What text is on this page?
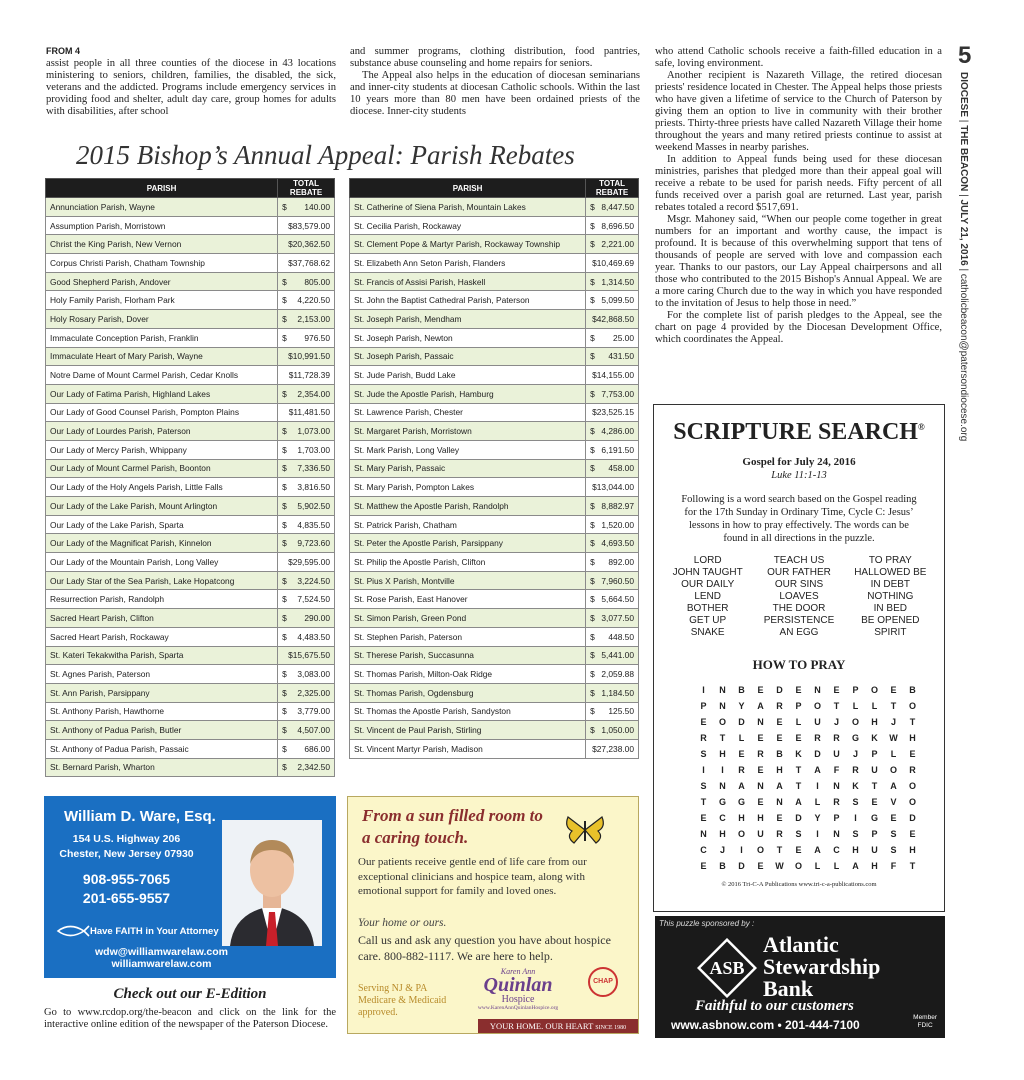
FROM 4

assist people in all three counties of the diocese in 43 locations ministering to seniors, children, families, the disabled, the sick, veterans and the addicted. Programs include emergency services in providing food and shelter, adult day care, group homes for adults with disabilities, after school

and summer programs, clothing distribution, food pantries, substance abuse counseling and home repairs for seniors.

The Appeal also helps in the education of diocesan seminarians and inner-city students at diocesan Catholic schools. Within the last 10 years more than 80 men have been ordained priests of the diocese. Inner-city students

who attend Catholic schools receive a faith-filled education in a safe, loving environment.

Another recipient is Nazareth Village, the retired diocesan priests' residence located in Chester. The Appeal helps those priests who have given a lifetime of service to the Church of Paterson by giving them an option to live in community with their brother priests. Thirty-three priests have called Nazareth Village their home throughout the years and many retired priests continue to assist at weekend Masses in nearby parishes.

In addition to Appeal funds being used for these diocesan ministries, parishes that pledged more than their appeal goal will receive a rebate to be used for parish needs. Fifty percent of all funds received over a parish goal are returned. Last year, parish rebates totaled a record $517,691.

Msgr. Mahoney said, “When our people come together in great numbers for an important and worthy cause, the impact is profound. It is because of this overwhelming support that tens of thousands of people are served with love and compassion each year. Thanks to our pastors, our Lay Appeal chairpersons and all those who contributed to the 2015 Bishop's Annual Appeal. We are a more caring Church due to the way in which you have responded to the invitation of Jesus to help those in need.”

For the complete list of parish pledges to the Appeal, see the chart on page 4 provided by the Diocesan Development Office, which coordinates the Appeal.

5
DIOCESE | THE BEACON | JULY 21, 2016 | catholicbeacon@patersondiocese.org
2015 Bishop’s Annual Appeal: Parish Rebates
PARISH	TOTAL REBATE
Annunciation Parish, Wayne	$ 140.00

Assumption Parish, Morristown	$83,579.00

Christ the King Parish, New Vernon	$20,362.50

Corpus Christi Parish, Chatham Township	$37,768.62

Good Shepherd Parish, Andover	$ 805.00

Holy Family Parish, Florham Park	$ 4,220.50

Holy Rosary Parish, Dover	$ 2,153.00

Immaculate Conception Parish, Franklin	$ 976.50

Immaculate Heart of Mary Parish, Wayne	$10,991.50

Notre Dame of Mount Carmel Parish, Cedar Knolls	$11,728.39

Our Lady of Fatima Parish, Highland Lakes	$ 2,354.00

Our Lady of Good Counsel Parish, Pompton Plains	$11,481.50

Our Lady of Lourdes Parish, Paterson	$ 1,073.00

Our Lady of Mercy Parish, Whippany	$ 1,703.00

Our Lady of Mount Carmel Parish, Boonton	$ 7,336.50

Our Lady of the Holy Angels Parish, Little Falls	$ 3,816.50

Our Lady of the Lake Parish, Mount Arlington	$ 5,902.50

Our Lady of the Lake Parish, Sparta	$ 4,835.50

Our Lady of the Magnificat Parish, Kinnelon	$ 9,723.60

Our Lady of the Mountain Parish, Long Valley	$29,595.00

Our Lady Star of the Sea Parish, Lake Hopatcong	$ 3,224.50

Resurrection Parish, Randolph	$ 7,524.50

Sacred Heart Parish, Clifton	$ 290.00

Sacred Heart Parish, Rockaway	$ 4,483.50

St. Kateri Tekakwitha Parish, Sparta	$15,675.50

St. Agnes Parish, Paterson	$ 3,083.00

St. Ann Parish, Parsippany	$ 2,325.00

St. Anthony Parish, Hawthorne	$ 3,779.00

St. Anthony of Padua Parish, Butler	$ 4,507.00

St. Anthony of Padua Parish, Passaic	$ 686.00

St. Bernard Parish, Wharton	$ 2,342.50
PARISH	TOTAL REBATE
St. Catherine of Siena Parish, Mountain Lakes	$ 8,447.50

St. Cecilia Parish, Rockaway	$ 8,696.50

St. Clement Pope & Martyr Parish, Rockaway Township	$ 2,221.00

St. Elizabeth Ann Seton Parish, Flanders	$10,469.69

St. Francis of Assisi Parish, Haskell	$ 1,314.50

St. John the Baptist Cathedral Parish, Paterson	$ 5,099.50

St. Joseph Parish, Mendham	$42,868.50

St. Joseph Parish, Newton	$ 25.00

St. Joseph Parish, Passaic	$ 431.50

St. Jude Parish, Budd Lake	$14,155.00

St. Jude the Apostle Parish, Hamburg	$ 7,753.00

St. Lawrence Parish, Chester	$23,525.15

St. Margaret Parish, Morristown	$ 4,286.00

St. Mark Parish, Long Valley	$ 6,191.50

St. Mary Parish, Passaic	$ 458.00

St. Mary Parish, Pompton Lakes	$13,044.00

St. Matthew the Apostle Parish, Randolph	$ 8,882.97

St. Patrick Parish, Chatham	$ 1,520.00

St. Peter the Apostle Parish, Parsippany	$ 4,693.50

St. Philip the Apostle Parish, Clifton	$ 892.00

St. Pius X Parish, Montville	$ 7,960.50

St. Rose Parish, East Hanover	$ 5,664.50

St. Simon Parish, Green Pond	$ 3,077.50

St. Stephen Parish, Paterson	$ 448.50

St. Therese Parish, Succasunna	$ 5,441.00

St. Thomas Parish, Milton-Oak Ridge	$ 2,059.88

St. Thomas Parish, Ogdensburg	$ 1,184.50

St. Thomas the Apostle Parish, Sandyston	$ 125.50

St. Vincent de Paul Parish, Stirling	$ 1,050.00

St. Vincent Martyr Parish, Madison	$27,238.00
SCRIPTURE SEARCH®
Gospel for July 24, 2016
Luke 11:1-13
Following is a word search based on the Gospel reading for the 17th Sunday in Ordinary Time, Cycle C: Jesus’ lessons in how to pray effectively. The words can be found in all directions in the puzzle.
LORD	TEACH US	TO PRAY
JOHN TAUGHT	OUR FATHER	HALLOWED BE
OUR DAILY	OUR SINS	IN DEBT
LEND	LOAVES	NOTHING
BOTHER	THE DOOR	IN BED
GET UP	PERSISTENCE	BE OPENED
SNAKE	AN EGG	SPIRIT
HOW TO PRAY
I	N	B	E	D	E	N	E	P	O	E	B
P	N	Y	A	R	P	O	T	L	L	T	O
E	O	D	N	E	L	U	J	O	H	J	T
R	T	L	E	E	E	R	R	G	K	W	H
S	H	E	R	B	K	D	U	J	P	L	E
I	I	R	E	H	T	A	F	R	U	O	R
S	N	A	N	A	T	I	N	K	T	A	O
T	G	G	E	N	A	L	R	S	E	V	O
E	C	H	H	E	D	Y	P	I	G	E	D
N	H	O	U	R	S	I	N	S	P	S	E
C	J	I	O	T	E	A	C	H	U	S	H
E	B	D	E	W	O	L	L	A	H	F	T
© 2016 Tri-C-A Publications www.tri-c-a-publications.com
This puzzle sponsored by :
ASB
Atlantic
Stewardship
Bank
Faithful to our customers
www.asbnow.com • 201-444-7100
Member
FDIC
William D. Ware, Esq.
154 U.S. Highway 206
Chester, New Jersey 07930
908-955-7065
201-655-9557
Have FAITH in Your Attorney
wdw@williamwarelaw.com
williamwarelaw.com
Check out our E-Edition
Go to www.rcdop.org/the-beacon and click on the link for the interactive online edition of the newspaper of the Paterson Diocese.
From a sun filled room to
a caring touch.
Our patients receive gentle end of life care from our exceptional clinicians and hospice team, along with emotional support for family and loved ones.
Your home or ours.
Call us and ask any question you have about hospice care. 800-882-1117. We are here to help.
Serving NJ & PA Medicare & Medicaid approved.
Karen Ann
Quinlan
Hospice
www.KarenAnnQuinlanHospice.org
CHAP
YOUR HOME. OUR HEART SINCE 1980
